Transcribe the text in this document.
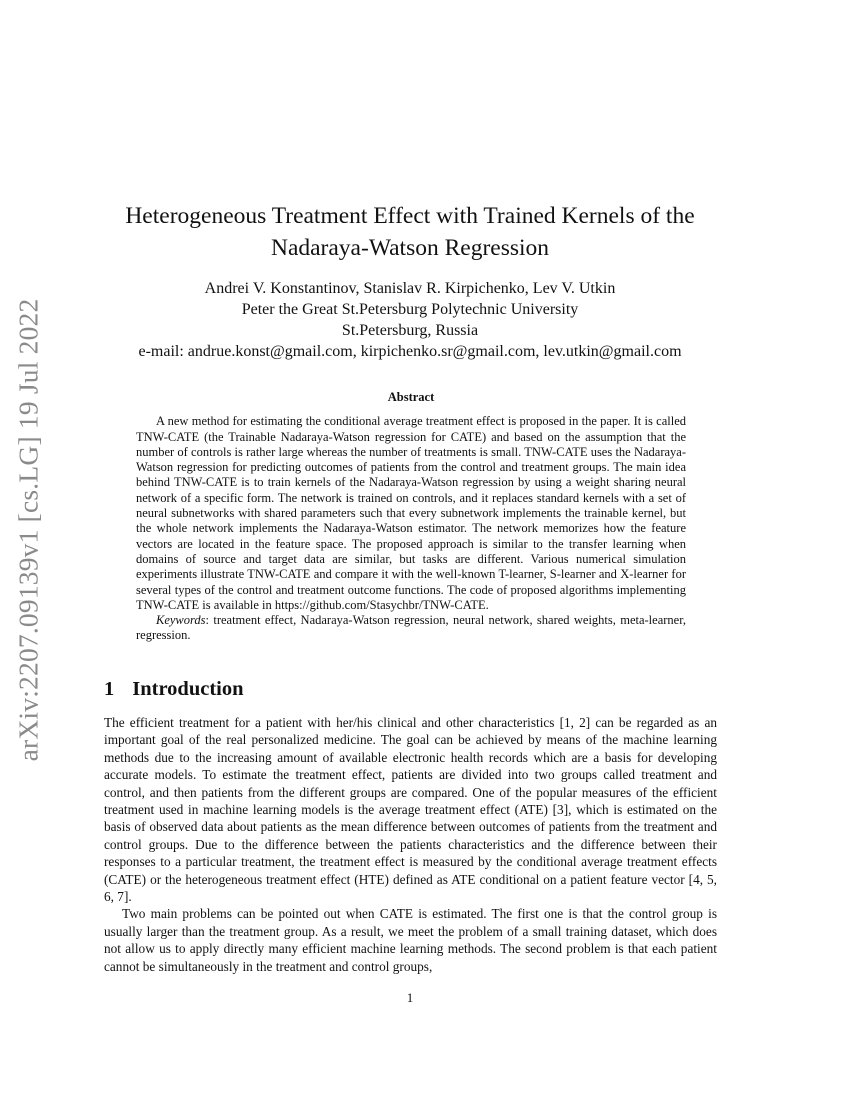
arXiv:2207.09139v1 [cs.LG] 19 Jul 2022
Heterogeneous Treatment Effect with Trained Kernels of the
Nadaraya-Watson Regression
Andrei V. Konstantinov, Stanislav R. Kirpichenko, Lev V. Utkin
Peter the Great St.Petersburg Polytechnic University
St.Petersburg, Russia
e-mail: andrue.konst@gmail.com, kirpichenko.sr@gmail.com, lev.utkin@gmail.com
Abstract

A new method for estimating the conditional average treatment effect is proposed in the paper. It is called TNW-CATE (the Trainable Nadaraya-Watson regression for CATE) and based on the assumption that the number of controls is rather large whereas the number of treatments is small. TNW-CATE uses the Nadaraya-Watson regression for predicting outcomes of patients from the control and treatment groups. The main idea behind TNW-CATE is to train kernels of the Nadaraya-Watson regression by using a weight sharing neural network of a specific form. The network is trained on controls, and it replaces standard kernels with a set of neural subnetworks with shared parameters such that every subnetwork implements the trainable kernel, but the whole network implements the Nadaraya-Watson estimator. The network memorizes how the feature vectors are located in the feature space. The proposed approach is similar to the transfer learning when domains of source and target data are similar, but tasks are different. Various numerical simulation experiments illustrate TNW-CATE and compare it with the well-known T-learner, S-learner and X-learner for several types of the control and treatment outcome functions. The code of proposed algorithms implementing TNW-CATE is available in https://github.com/Stasychbr/TNW-CATE.

Keywords: treatment effect, Nadaraya-Watson regression, neural network, shared weights, meta-learner, regression.

1 Introduction

The efficient treatment for a patient with her/his clinical and other characteristics [1, 2] can be regarded as an important goal of the real personalized medicine. The goal can be achieved by means of the machine learning methods due to the increasing amount of available electronic health records which are a basis for developing accurate models. To estimate the treatment effect, patients are divided into two groups called treatment and control, and then patients from the different groups are compared. One of the popular measures of the efficient treatment used in machine learning models is the average treatment effect (ATE) [3], which is estimated on the basis of observed data about patients as the mean difference between outcomes of patients from the treatment and control groups. Due to the difference between the patients characteristics and the difference between their responses to a particular treatment, the treatment effect is measured by the conditional average treatment effects (CATE) or the heterogeneous treatment effect (HTE) defined as ATE conditional on a patient feature vector [4, 5, 6, 7].

Two main problems can be pointed out when CATE is estimated. The first one is that the control group is usually larger than the treatment group. As a result, we meet the problem of a small training dataset, which does not allow us to apply directly many efficient machine learning methods. The second problem is that each patient cannot be simultaneously in the treatment and control groups,

1
